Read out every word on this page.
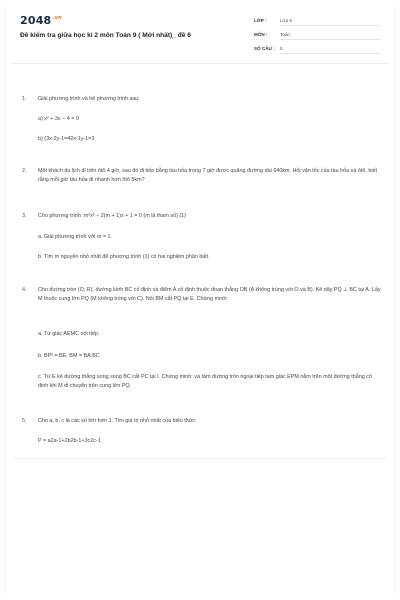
$2048^{.vn}$
Đề kiểm tra giữa học kì 2 môn Toán 9 ( Mới nhất)_ đề 6
LỚP :	Lớp 9
MÔN :	Toán
SỐ CÂU : 5
1.	Giải phương trình và hệ phương trình sau:
a) x² + 3x − 4 = 0
b) (3x-2y-1=42x-1y-1=3
2.	Một khách du lịch đi trên ôtô 4 giờ, sau đó đi tiếp bằng tàu hỏa trong 7 giờ được quãng đường dài 640km. Hỏi vận tốc của tàu hỏa và ôtô, biết rằng mỗi giờ tàu hỏa đi nhanh hơn ôtô 5km?
3.	Cho phương trình: m²x² − 2(m + 1)x + 1 = 0 (m là tham số) (1)
a. Giải phương trình với m = 1.
b. Tìm m nguyên nhỏ nhất để phương trình (1) có hai nghiệm phân biệt.
4.	Cho đường tròn (O; R), đường kính BC cố định và điểm A cố định thuộc đoạn thẳng OB (A không trùng với O và B). Kẻ dây PQ ⊥ BC tại A. Lấy M thuộc cung lớn PQ (M không trùng với C). Nối BM cắt PQ tại E. Chứng minh:
a. Tứ giác AEMC nội tiếp
b. BP² = BE. BM = BA.BC
c. Từ E kẻ đường thẳng song song BC cắt PC tại I. Chứng minh: và tâm đường tròn ngoại tiếp tam giác EPM nằm trên một đường thẳng cố định khi M di chuyển trên cung lớn PQ.
5.	Cho a, b, c là các số lớn hơn 1. Tìm giá trị nhỏ nhất của biểu thức:
P = a2a-1+2b2b-1+3c2c-1 .
